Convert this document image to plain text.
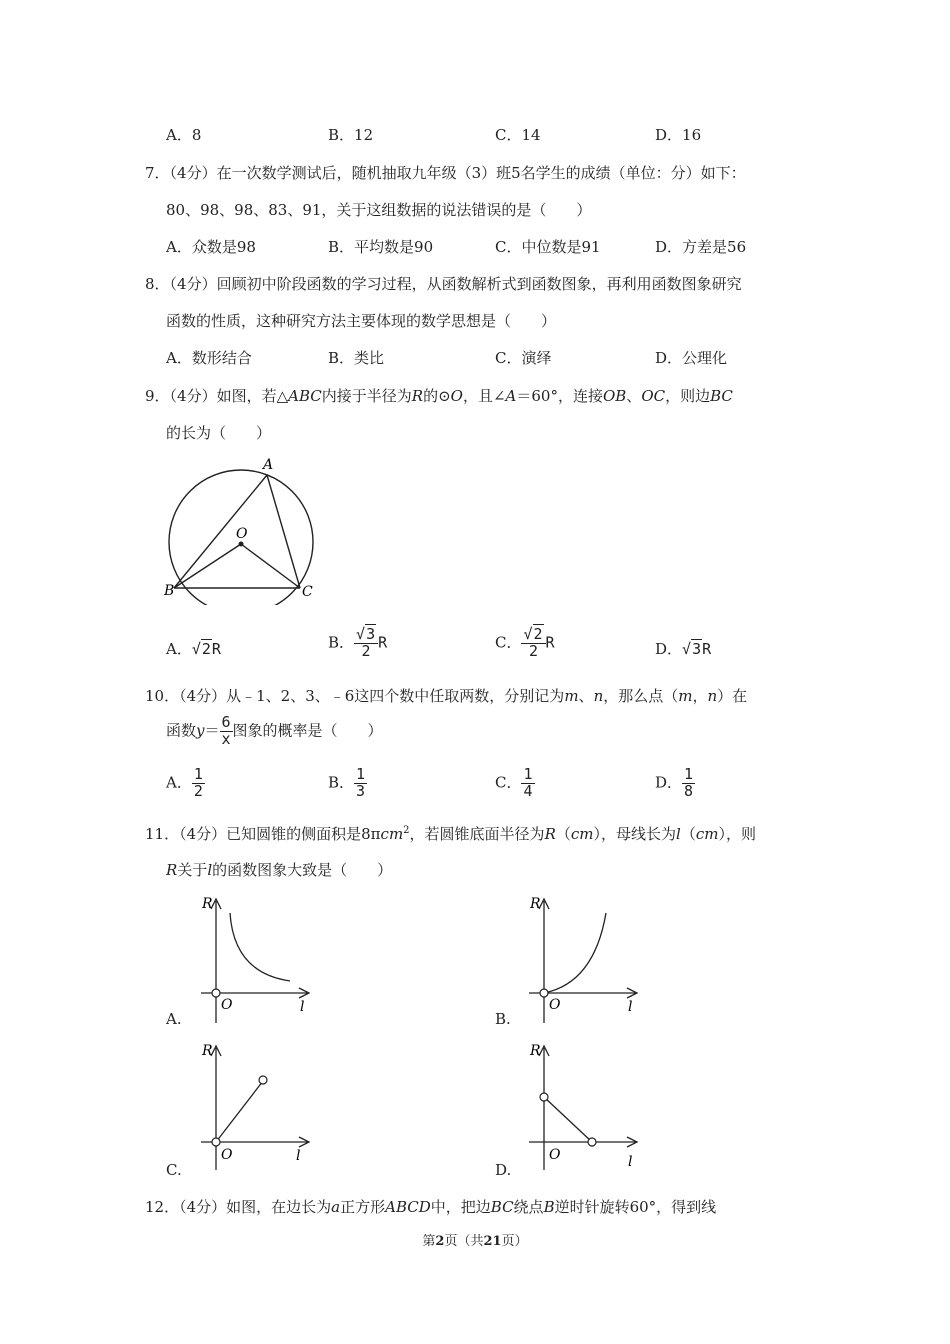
A．8	B．12	C．14	D．16
7．（4分）在一次数学测试后，随机抽取九年级（3）班5名学生的成绩（单位：分）如下：
80、98、98、83、91，关于这组数据的说法错误的是（　　）
A．众数是98	B．平均数是90	C．中位数是91	D．方差是56
8．（4分）回顾初中阶段函数的学习过程，从函数解析式到函数图象，再利用函数图象研究
函数的性质，这种研究方法主要体现的数学思想是（　　）
A．数形结合	B．类比	C．演绎	D．公理化
9．（4分）如图，若△ABC内接于半径为R的⊙O，且∠A＝60°，连接OB、OC，则边BC
的长为（　　）
A
B	C
O
A．√2R	B． $\frac{√3}{2}$ R	C． $\frac{√2}{2}$ R	D．√3R
10．（4分）从﹣1、2、3、﹣6这四个数中任取两数，分别记为m、n，那么点（m，n）在
函数$y= \frac{6}{x}$ 图象的概率是（　　）
A． $\frac{1}{2}$	B． $\frac{1}{3}$	C． $\frac{1}{4}$	D． $\frac{1}{8}$
11．（4分）已知圆锥的侧面积是8πcm$^2$，若圆锥底面半径为R（cm），母线长为l（cm），则
R关于l的函数图象大致是（　　）
R
O	l
A.
R
O	l
B.
R
O	l
C.
R
O	l
D.
12．（4分）如图，在边长为a正方形ABCD中，把边BC绕点B逆时针旋转60°，得到线
第2页（共21页）
